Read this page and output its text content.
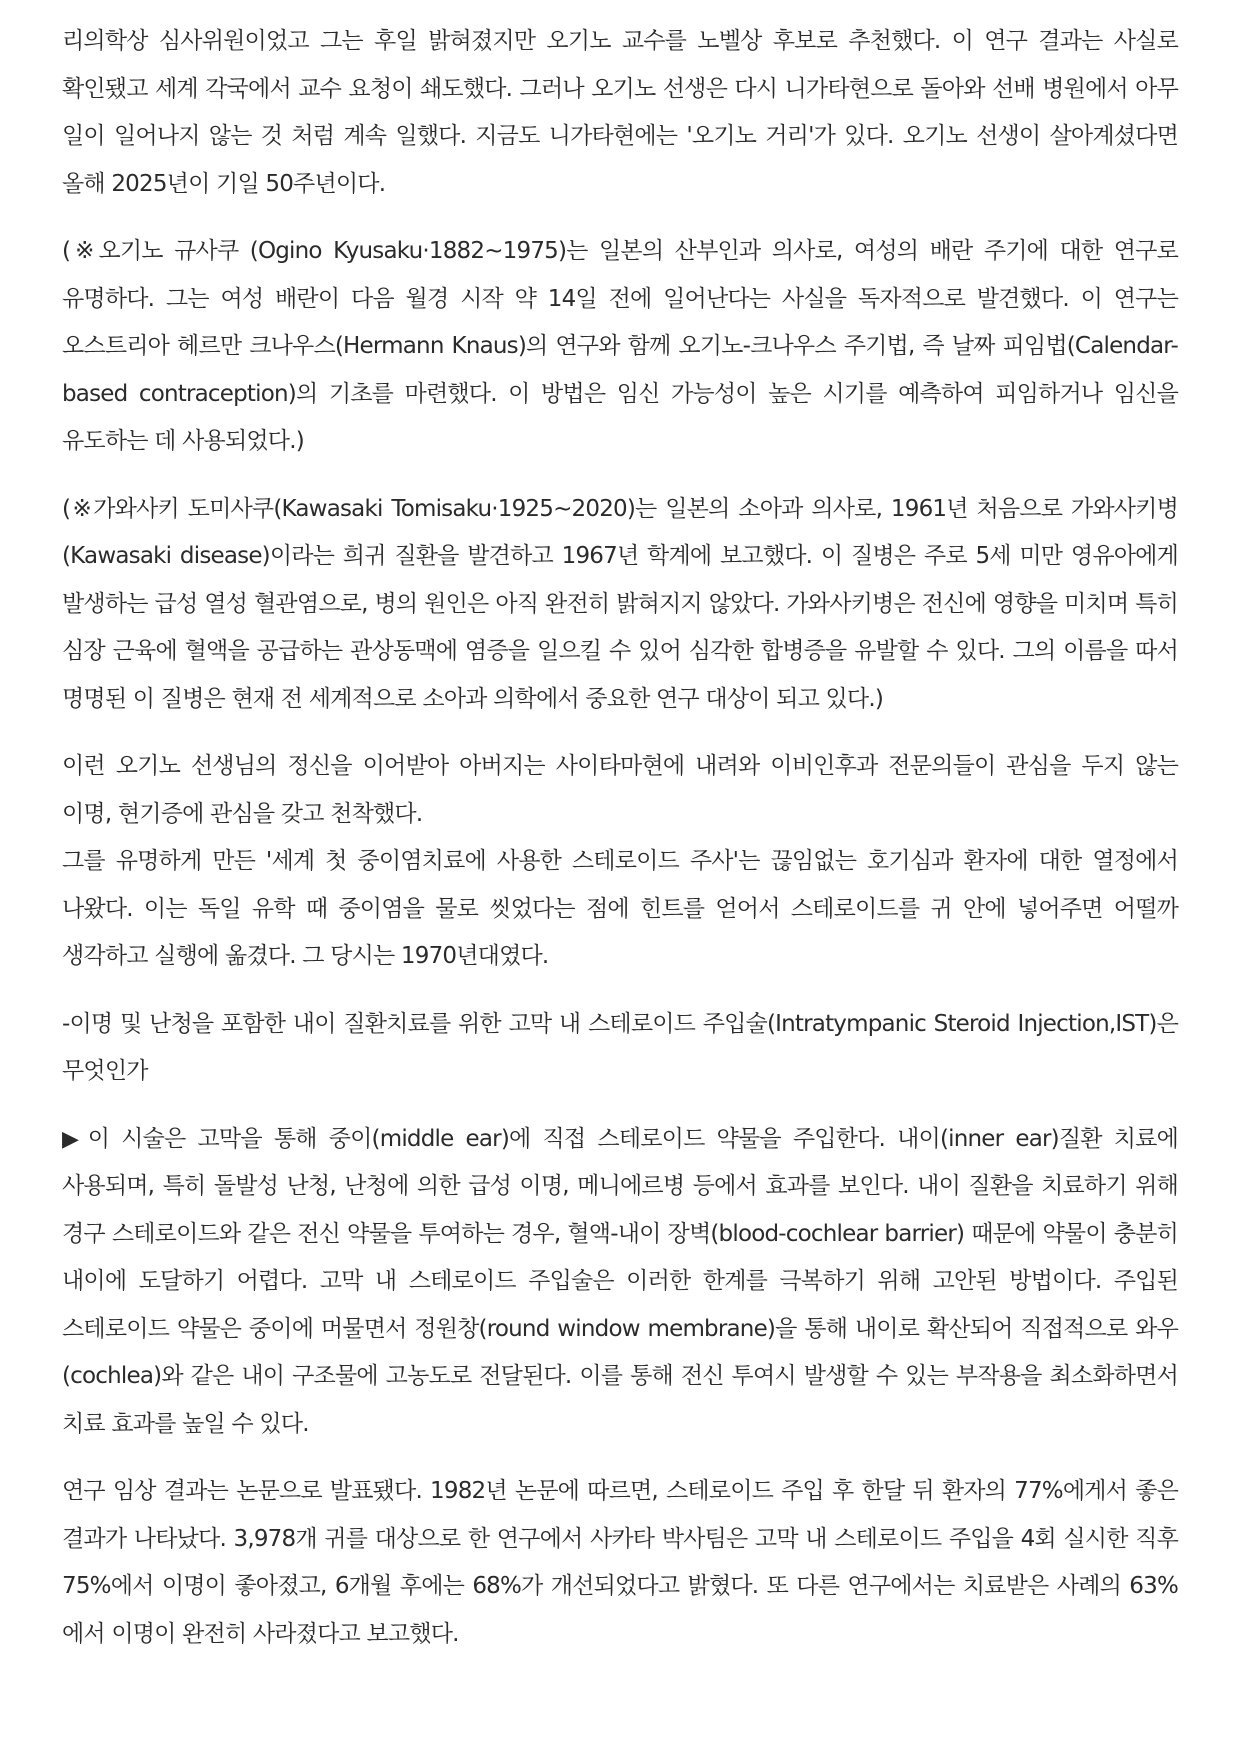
리의학상 심사위원이었고 그는 후일 밝혀졌지만 오기노 교수를 노벨상 후보로 추천했다. 이 연구 결과는 사실로 확인됐고 세계 각국에서 교수 요청이 쇄도했다. 그러나 오기노 선생은 다시 니가타현으로 돌아와 선배 병원에서 아무 일이 일어나지 않는 것 처럼 계속 일했다. 지금도 니가타현에는 '오기노 거리'가 있다. 오기노 선생이 살아계셨다면 올해 2025년이 기일 50주년이다.

(※오기노 규사쿠 (Ogino Kyusaku·1882~1975)는 일본의 산부인과 의사로, 여성의 배란 주기에 대한 연구로 유명하다. 그는 여성 배란이 다음 월경 시작 약 14일 전에 일어난다는 사실을 독자적으로 발견했다. 이 연구는 오스트리아 헤르만 크나우스(Hermann Knaus)의 연구와 함께 오기노-크나우스 주기법, 즉 날짜 피임법(Calendar-based contraception)의 기초를 마련했다. 이 방법은 임신 가능성이 높은 시기를 예측하여 피임하거나 임신을 유도하는 데 사용되었다.)

(※가와사키 도미사쿠(Kawasaki Tomisaku·1925~2020)는 일본의 소아과 의사로, 1961년 처음으로 가와사키병(Kawasaki disease)이라는 희귀 질환을 발견하고 1967년 학계에 보고했다. 이 질병은 주로 5세 미만 영유아에게 발생하는 급성 열성 혈관염으로, 병의 원인은 아직 완전히 밝혀지지 않았다. 가와사키병은 전신에 영향을 미치며 특히 심장 근육에 혈액을 공급하는 관상동맥에 염증을 일으킬 수 있어 심각한 합병증을 유발할 수 있다. 그의 이름을 따서 명명된 이 질병은 현재 전 세계적으로 소아과 의학에서 중요한 연구 대상이 되고 있다.)

이런 오기노 선생님의 정신을 이어받아 아버지는 사이타마현에 내려와 이비인후과 전문의들이 관심을 두지 않는 이명, 현기증에 관심을 갖고 천착했다.

그를 유명하게 만든 '세계 첫 중이염치료에 사용한 스테로이드 주사'는 끊임없는 호기심과 환자에 대한 열정에서 나왔다. 이는 독일 유학 때 중이염을 물로 씻었다는 점에 힌트를 얻어서 스테로이드를 귀 안에 넣어주면 어떨까 생각하고 실행에 옮겼다. 그 당시는 1970년대였다.

-이명 및 난청을 포함한 내이 질환치료를 위한 고막 내 스테로이드 주입술(Intratympanic Steroid Injection,IST)은 무엇인가

▶ 이 시술은 고막을 통해 중이(middle ear)에 직접 스테로이드 약물을 주입한다. 내이(inner ear)질환 치료에 사용되며, 특히 돌발성 난청, 난청에 의한 급성 이명, 메니에르병 등에서 효과를 보인다. 내이 질환을 치료하기 위해 경구 스테로이드와 같은 전신 약물을 투여하는 경우, 혈액-내이 장벽(blood-cochlear barrier) 때문에 약물이 충분히 내이에 도달하기 어렵다. 고막 내 스테로이드 주입술은 이러한 한계를 극복하기 위해 고안된 방법이다. 주입된 스테로이드 약물은 중이에 머물면서 정원창(round window membrane)을 통해 내이로 확산되어 직접적으로 와우(cochlea)와 같은 내이 구조물에 고농도로 전달된다. 이를 통해 전신 투여시 발생할 수 있는 부작용을 최소화하면서 치료 효과를 높일 수 있다.

연구 임상 결과는 논문으로 발표됐다. 1982년 논문에 따르면, 스테로이드 주입 후 한달 뒤 환자의 77%에게서 좋은 결과가 나타났다. 3,978개 귀를 대상으로 한 연구에서 사카타 박사팀은 고막 내 스테로이드 주입을 4회 실시한 직후 75%에서 이명이 좋아졌고, 6개월 후에는 68%가 개선되었다고 밝혔다. 또 다른 연구에서는 치료받은 사례의 63%에서 이명이 완전히 사라졌다고 보고했다.
